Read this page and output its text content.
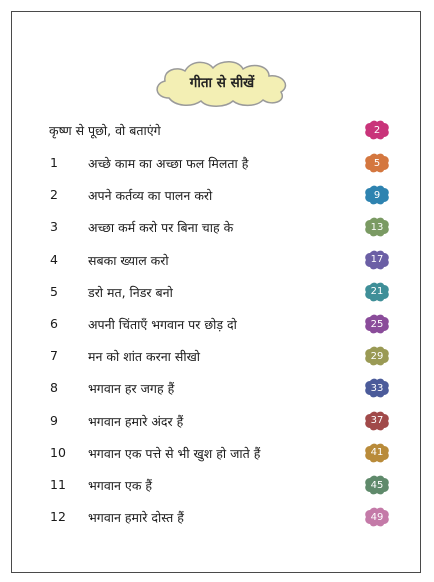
गीता से सीखें
कृष्ण से पूछो, वो बताएंगे	2
1	अच्छे काम का अच्छा फल मिलता है	5
2	अपने कर्तव्य का पालन करो	9
3	अच्छा कर्म करो पर बिना चाह के	13
4	सबका ख्याल करो	17
5	डरो मत, निडर बनो	21
6	अपनी चिंताएँ भगवान पर छोड़ दो	25
7	मन को शांत करना सीखो	29
8	भगवान हर जगह हैं	33
9	भगवान हमारे अंदर हैं	37
10	भगवान एक पत्ते से भी खुश हो जाते हैं	41
11	भगवान एक हैं	45
12	भगवान हमारे दोस्त हैं	49
